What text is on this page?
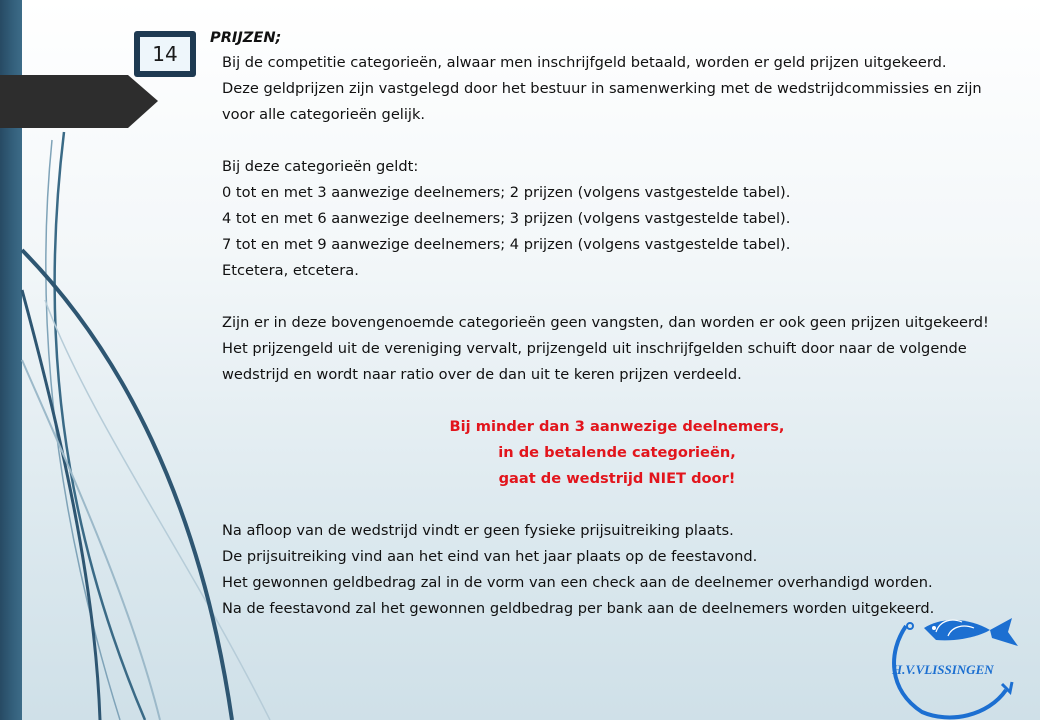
14
PRIJZEN;
Bij de competitie categorieën, alwaar men inschrijfgeld betaald, worden er geld prijzen uitgekeerd.
Deze geldprijzen zijn vastgelegd door het bestuur in samenwerking met de wedstrijdcommissies en zijn
voor alle categorieën gelijk.
Bij deze categorieën geldt:
0 tot en met 3 aanwezige deelnemers; 2 prijzen (volgens vastgestelde tabel).
4 tot en met 6 aanwezige deelnemers; 3 prijzen (volgens vastgestelde tabel).
7 tot en met 9 aanwezige deelnemers; 4 prijzen (volgens vastgestelde tabel).
Etcetera, etcetera.
Zijn er in deze bovengenoemde categorieën geen vangsten, dan worden er ook geen prijzen uitgekeerd!
Het prijzengeld uit de vereniging vervalt, prijzengeld uit inschrijfgelden schuift door naar de volgende
wedstrijd en wordt naar ratio over de dan uit te keren prijzen verdeeld.
Bij minder dan 3 aanwezige deelnemers,
in de betalende categorieën,
gaat de wedstrijd NIET door!
Na afloop van de wedstrijd vindt er geen fysieke prijsuitreiking plaats.
De prijsuitreiking vind aan het eind van het jaar plaats op de feestavond.
Het gewonnen geldbedrag zal in de vorm van een check aan de deelnemer overhandigd worden.
Na de feestavond zal het gewonnen geldbedrag per bank aan de deelnemers worden uitgekeerd.
H.V.VLISSINGEN
